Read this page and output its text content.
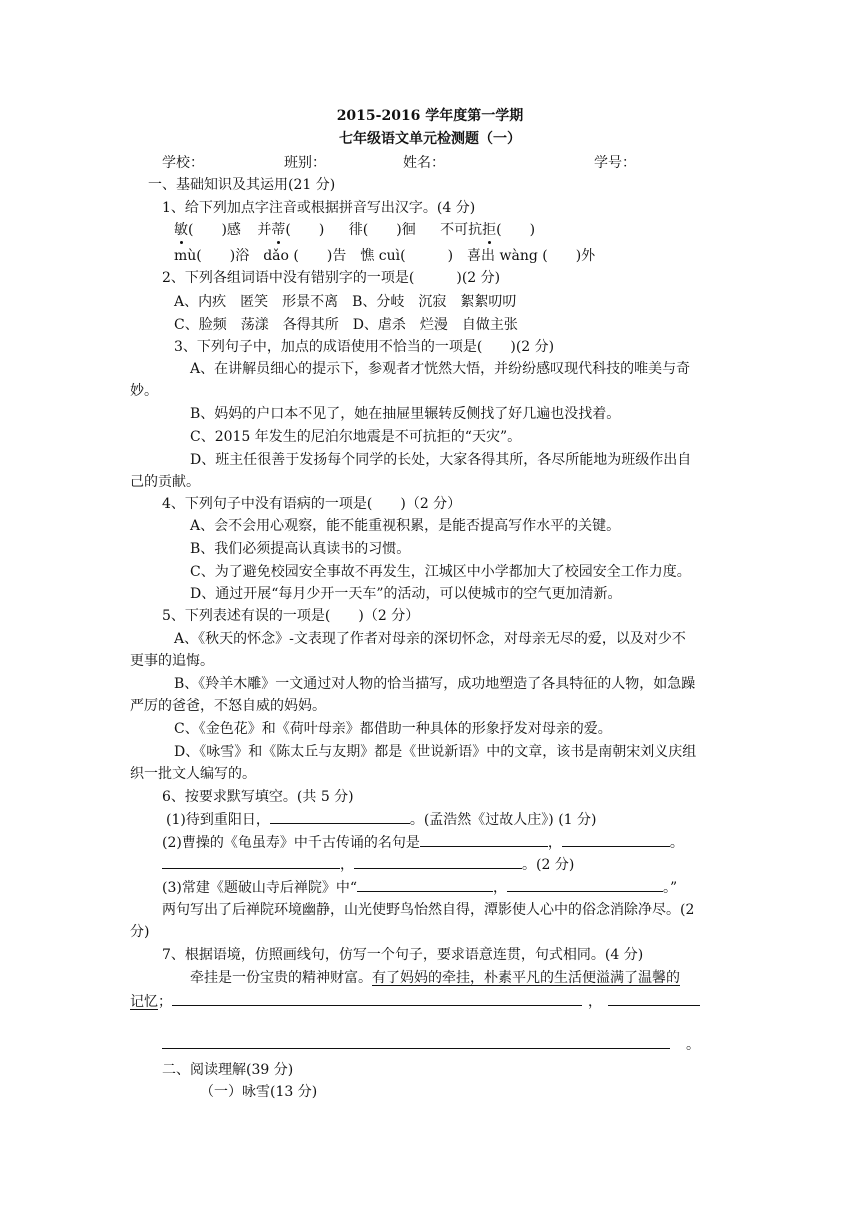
2015-2016 学年度第一学期
七年级语文单元检测题（一）
学校：	班别：	姓名：	学号：
一、基础知识及其运用(21 分)
1、给下列加点字注音或根据拼音写出汉字。(4 分)
敏(　　)感 并蒂(　　) 徘(　　)徊 不可抗拒(　　)
mù(　　)浴　dǎo (　　)告　憔 cuì(　　　)　喜出 wàng (　　)外
2、下列各组词语中没有错别字的一项是(　　　)(2 分)
A、内疚　匿笑　形景不离　B、分岐　沉寂　絮絮叨叨
C、脸频　荡漾　各得其所　D、虐杀　烂漫　自做主张
3、下列句子中，加点的成语使用不恰当的一项是(　　)(2 分)
A、在讲解员细心的提示下，参观者才恍然大悟，并纷纷感叹现代科技的唯美与奇
妙。
B、妈妈的户口本不见了，她在抽屉里辗转反侧找了好几遍也没找着。
C、2015 年发生的尼泊尔地震是不可抗拒的“天灾”。
D、班主任很善于发扬每个同学的长处，大家各得其所，各尽所能地为班级作出自
己的贡献。
4、下列句子中没有语病的一项是(　　)（2 分）
A、会不会用心观察，能不能重视积累，是能否提高写作水平的关键。
B、我们必须提高认真读书的习惯。
C、为了避免校园安全事故不再发生，江城区中小学都加大了校园安全工作力度。
D、通过开展“每月少开一天车”的活动，可以使城市的空气更加清新。
5、下列表述有误的一项是(　　)（2 分）
A、《秋天的怀念》-文表现了作者对母亲的深切怀念，对母亲无尽的爱，以及对少不
更事的追悔。
B、《羚羊木雕》一文通过对人物的恰当描写，成功地塑造了各具特征的人物，如急躁
严厉的爸爸，不怒自威的妈妈。
C、《金色花》和《荷叶母亲》都借助一种具体的形象抒发对母亲的爱。
D、《咏雪》和《陈太丘与友期》都是《世说新语》中的文章，该书是南朝宋刘义庆组
织一批文人编写的。
6、按要求默写填空。(共 5 分)
(1)待到重阳日，	。(孟浩然《过故人庄》) (1 分)
(2)曹操的《龟虽寿》中千古传诵的名句是	，	。
，	。(2 分)
(3)常建《题破山寺后禅院》中“	，	。”
两句写出了后禅院环境幽静，山光使野鸟怡然自得，潭影使人心中的俗念消除净尽。(2
分)
7、根据语境，仿照画线句，仿写一个句子，要求语意连贯，句式相同。(4 分)
牵挂是一份宝贵的精神财富。有了妈妈的牵挂，朴素平凡的生活便溢满了温馨的
记忆；	，
。
二、阅读理解(39 分)
（一）咏雪(13 分)
